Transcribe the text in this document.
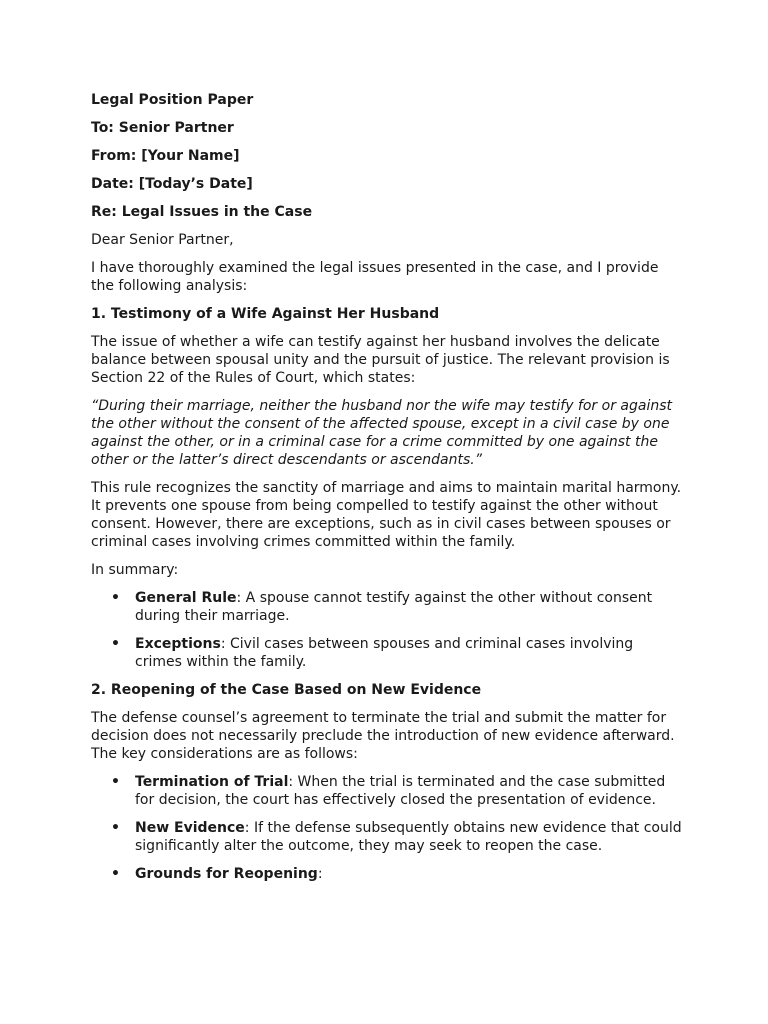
Legal Position Paper

To: Senior Partner

From: [Your Name]

Date: [Today’s Date]

Re: Legal Issues in the Case

Dear Senior Partner,

I have thoroughly examined the legal issues presented in the case, and I provide the following analysis:

1. Testimony of a Wife Against Her Husband

The issue of whether a wife can testify against her husband involves the delicate balance between spousal unity and the pursuit of justice. The relevant provision is Section 22 of the Rules of Court, which states:

“During their marriage, neither the husband nor the wife may testify for or against the other without the consent of the affected spouse, except in a civil case by one against the other, or in a criminal case for a crime committed by one against the other or the latter’s direct descendants or ascendants.”

This rule recognizes the sanctity of marriage and aims to maintain marital harmony. It prevents one spouse from being compelled to testify against the other without consent. However, there are exceptions, such as in civil cases between spouses or criminal cases involving crimes committed within the family.

In summary:

• General Rule: A spouse cannot testify against the other without consent during their marriage.
• Exceptions: Civil cases between spouses and criminal cases involving crimes within the family.

2. Reopening of the Case Based on New Evidence

The defense counsel’s agreement to terminate the trial and submit the matter for decision does not necessarily preclude the introduction of new evidence afterward. The key considerations are as follows:

• Termination of Trial: When the trial is terminated and the case submitted for decision, the court has effectively closed the presentation of evidence.
• New Evidence: If the defense subsequently obtains new evidence that could significantly alter the outcome, they may seek to reopen the case.
• Grounds for Reopening:
